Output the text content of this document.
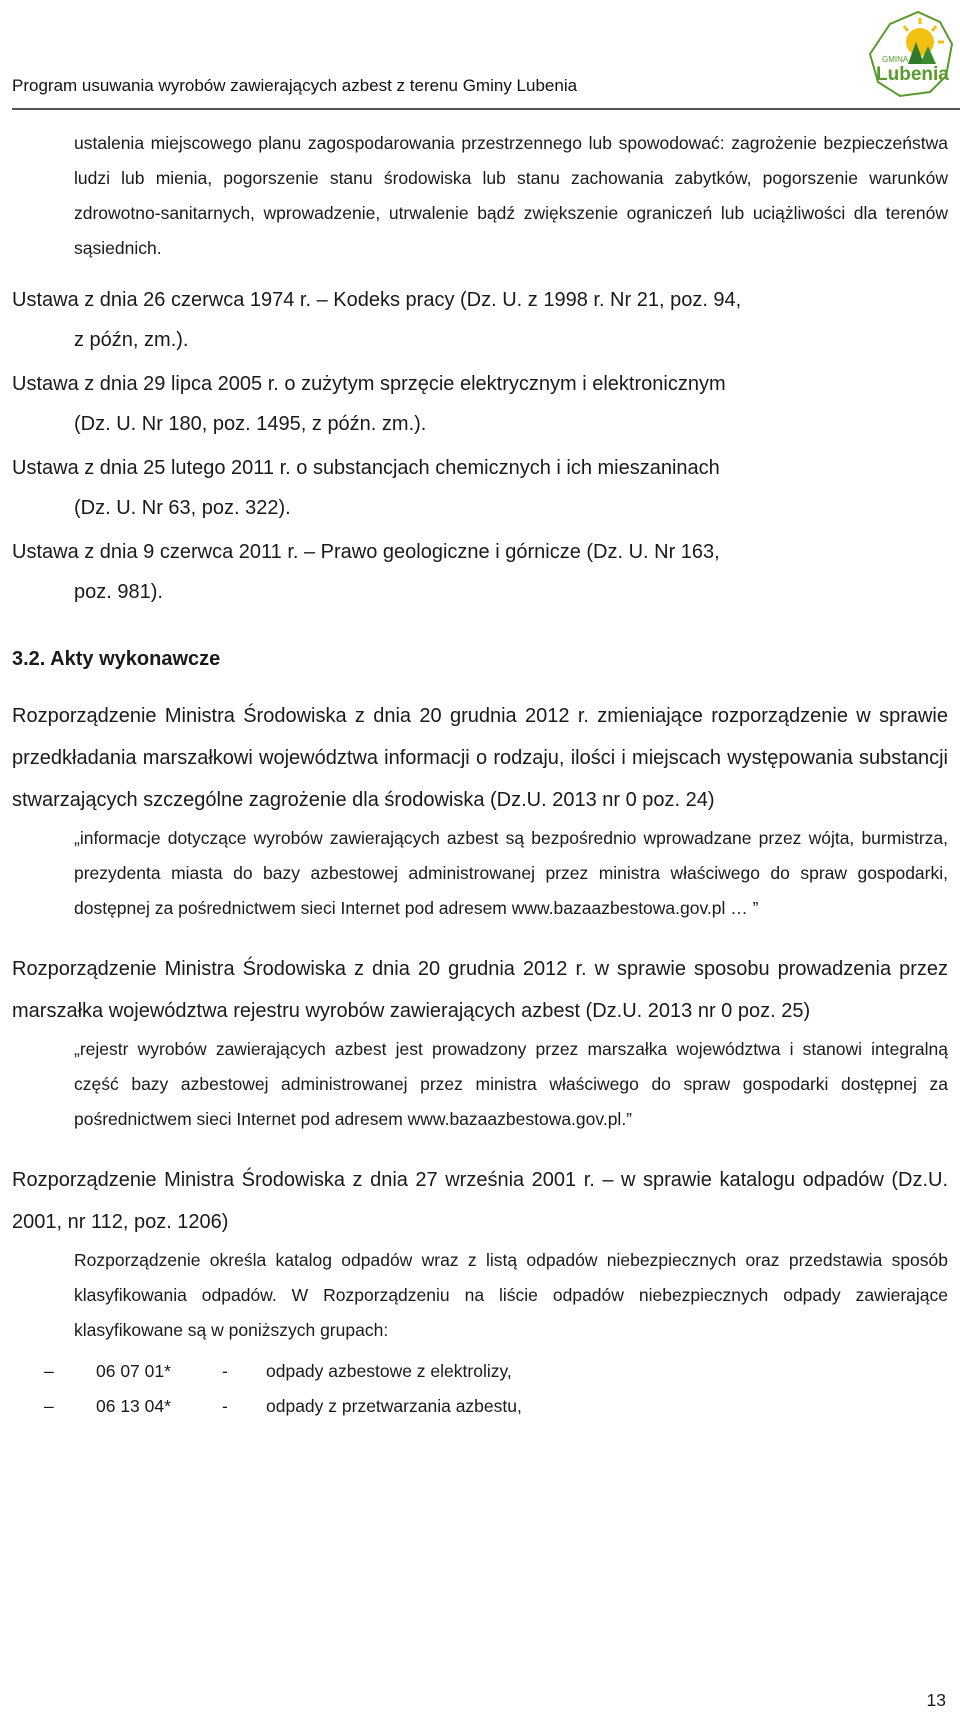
Program usuwania wyrobów zawierających azbest z terenu Gminy Lubenia
GMINA
Lubenia
ustalenia miejscowego planu zagospodarowania przestrzennego lub spowodować: zagrożenie bezpieczeństwa ludzi lub mienia, pogorszenie stanu środowiska lub stanu zachowania zabytków, pogorszenie warunków zdrowotno-sanitarnych, wprowadzenie, utrwalenie bądź zwiększenie ograniczeń lub uciążliwości dla terenów sąsiednich.
Ustawa z dnia 26 czerwca 1974 r. – Kodeks pracy (Dz. U. z 1998 r. Nr 21, poz. 94,
z późn, zm.).
Ustawa z dnia 29 lipca 2005 r. o zużytym sprzęcie elektrycznym i elektronicznym
(Dz. U. Nr 180, poz. 1495, z późn. zm.).
Ustawa z dnia 25 lutego 2011 r. o substancjach chemicznych i ich mieszaninach
(Dz. U. Nr 63, poz. 322).
Ustawa z dnia 9 czerwca 2011 r. – Prawo geologiczne i górnicze (Dz. U. Nr 163,
poz. 981).
3.2. Akty wykonawcze
Rozporządzenie Ministra Środowiska z dnia 20 grudnia 2012 r. zmieniające rozporządzenie w sprawie przedkładania marszałkowi województwa informacji o rodzaju, ilości i miejscach występowania substancji stwarzających szczególne zagrożenie dla środowiska (Dz.U. 2013 nr 0 poz. 24)
„informacje dotyczące wyrobów zawierających azbest są bezpośrednio wprowadzane przez wójta, burmistrza, prezydenta miasta do bazy azbestowej administrowanej przez ministra właściwego do spraw gospodarki, dostępnej za pośrednictwem sieci Internet pod adresem www.bazaazbestowa.gov.pl … ”
Rozporządzenie Ministra Środowiska z dnia 20 grudnia 2012 r. w sprawie sposobu prowadzenia przez marszałka województwa rejestru wyrobów zawierających azbest (Dz.U. 2013 nr 0 poz. 25)
„rejestr wyrobów zawierających azbest jest prowadzony przez marszałka województwa i stanowi integralną część bazy azbestowej administrowanej przez ministra właściwego do spraw gospodarki dostępnej za pośrednictwem sieci Internet pod adresem www.bazaazbestowa.gov.pl.”
Rozporządzenie Ministra Środowiska z dnia 27 września 2001 r. – w sprawie katalogu odpadów (Dz.U. 2001, nr 112, poz. 1206)
Rozporządzenie określa katalog odpadów wraz z listą odpadów niebezpiecznych oraz przedstawia sposób klasyfikowania odpadów. W Rozporządzeniu na liście odpadów niebezpiecznych odpady zawierające klasyfikowane są w poniższych grupach:
–	06 07 01*	-	odpady azbestowe z elektrolizy,
–	06 13 04*	-	odpady z przetwarzania azbestu,
13
